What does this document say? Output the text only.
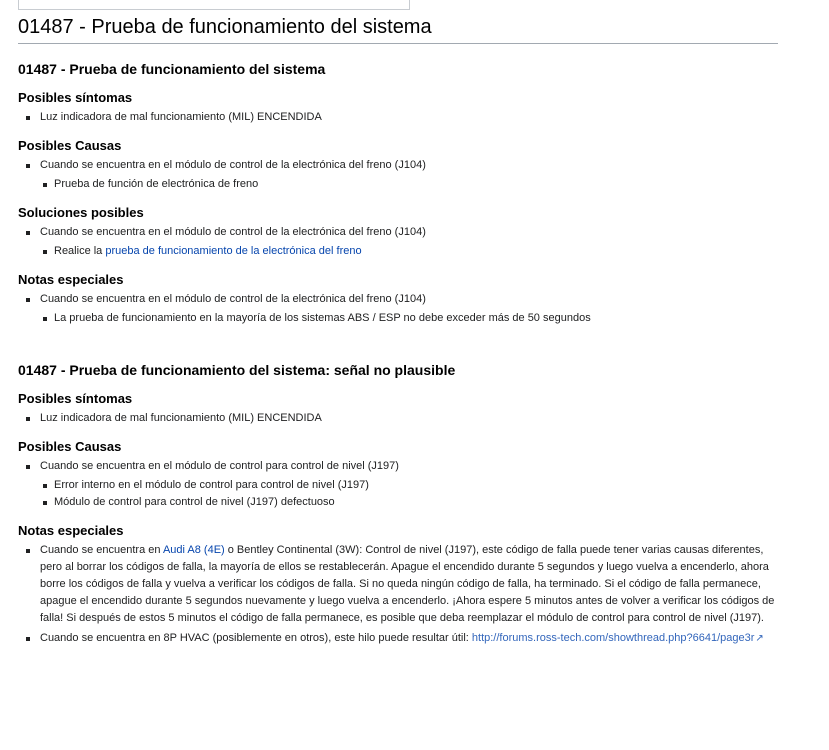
01487 - Prueba de funcionamiento del sistema
01487 - Prueba de funcionamiento del sistema
Posibles síntomas
Luz indicadora de mal funcionamiento (MIL) ENCENDIDA
Posibles Causas
Cuando se encuentra en el módulo de control de la electrónica del freno (J104)
Prueba de función de electrónica de freno
Soluciones posibles
Cuando se encuentra en el módulo de control de la electrónica del freno (J104)
Realice la prueba de funcionamiento de la electrónica del freno
Notas especiales
Cuando se encuentra en el módulo de control de la electrónica del freno (J104)
La prueba de funcionamiento en la mayoría de los sistemas ABS / ESP no debe exceder más de 50 segundos
01487 - Prueba de funcionamiento del sistema: señal no plausible
Posibles síntomas
Luz indicadora de mal funcionamiento (MIL) ENCENDIDA
Posibles Causas
Cuando se encuentra en el módulo de control para control de nivel (J197)
Error interno en el módulo de control para control de nivel (J197)
Módulo de control para control de nivel (J197) defectuoso
Notas especiales
Cuando se encuentra en Audi A8 (4E) o Bentley Continental (3W): Control de nivel (J197), este código de falla puede tener varias causas diferentes, pero al borrar los códigos de falla, la mayoría de ellos se restablecerán. Apague el encendido durante 5 segundos y luego vuelva a encenderlo, ahora borre los códigos de falla y vuelva a verificar los códigos de falla. Si no queda ningún código de falla, ha terminado. Si el código de falla permanece, apague el encendido durante 5 segundos nuevamente y luego vuelva a encenderlo. ¡Ahora espere 5 minutos antes de volver a verificar los códigos de falla! Si después de estos 5 minutos el código de falla permanece, es posible que deba reemplazar el módulo de control para control de nivel (J197).
Cuando se encuentra en 8P HVAC (posiblemente en otros), este hilo puede resultar útil: http://forums.ross-tech.com/showthread.php?6641/page3r↗
